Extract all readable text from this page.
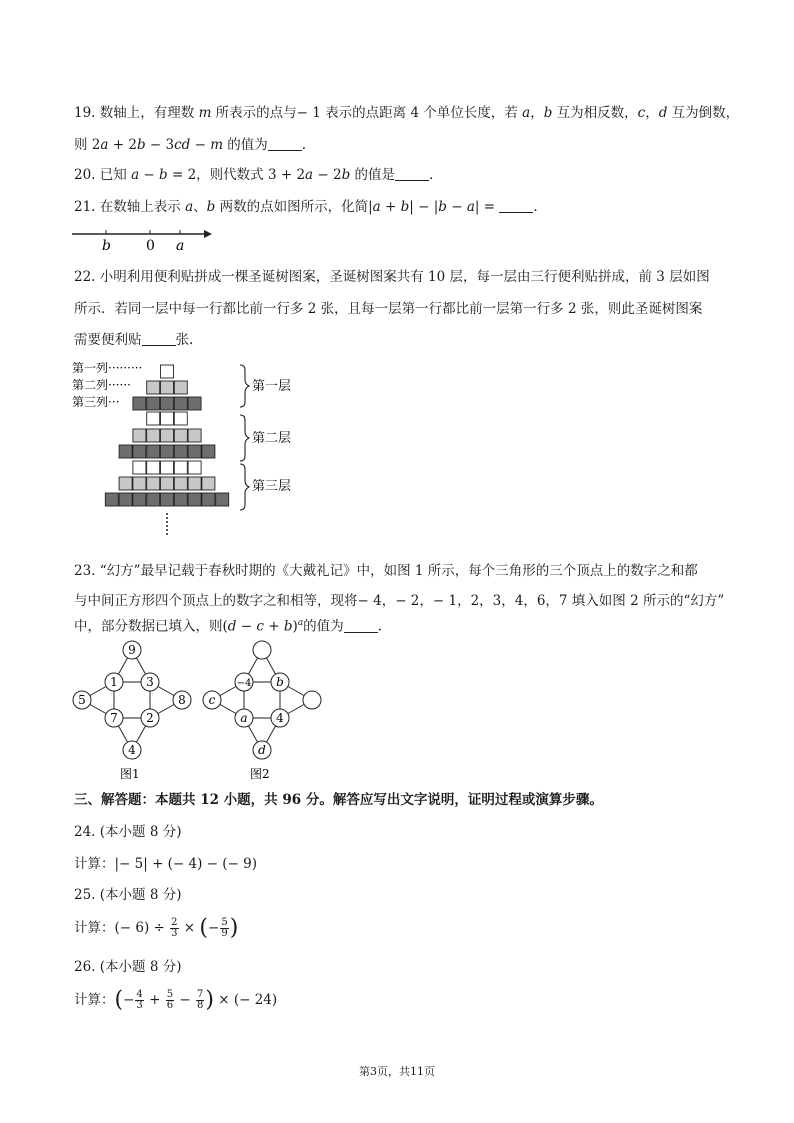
19. 数轴上，有理数 m 所表示的点与− 1 表示的点距离 4 个单位长度，若 a，b 互为相反数，c，d 互为倒数，
则 2a + 2b − 3cd − m 的值为	.
20. 已知 a − b = 2，则代数式 3 + 2a − 2b 的值是	.
21. 在数轴上表示 a、b 两数的点如图所示，化简|a + b| − |b − a| =	.
b	0 a
22. 小明利用便利贴拼成一棵圣诞树图案，圣诞树图案共有 10 层，每一层由三行便利贴拼成，前 3 层如图
所示．若同一层中每一行都比前一行多 2 张，且每一层第一行都比前一层第一行多 2 张，则此圣诞树图案
需要便利贴	张.
第一列·········
第二列······
第三列···
第一层
第二层
第三层
23. “幻方”最早记载于春秋时期的《大戴礼记》中，如图 1 所示，每个三角形的三个顶点上的数字之和都
与中间正方形四个顶点上的数字之和相等，现将− 4，− 2，− 1，2，3，4，6，7 填入如图 2 所示的“幻方”
中，部分数据已填入，则$(d - c + b)^a$的值为	.
9
1 3
5	8
7 2
4
图1
−4 b
c
a 4
d
图2
三、解答题：本题共 12 小题，共 96 分。解答应写出文字说明，证明过程或演算步骤。
24. (本小题 8 分)
计算：|− 5| + (− 4) − (− 9)
25. (本小题 8 分)
计算：(− $6) \div \frac{2}{3}$ × (− $\frac{5}{9}$ )
26. (本小题 8 分)
计算：(− $\frac{4}{3} + \frac{5}{6} - \frac{7}{8}$ ) × (− 24)
第3页，共11页
